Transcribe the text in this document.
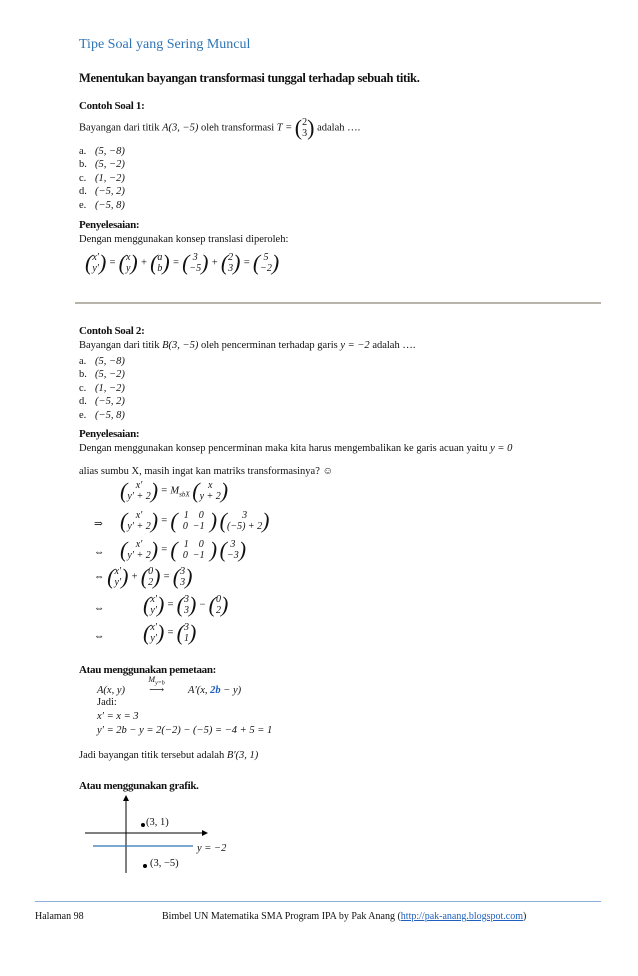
Tipe Soal yang Sering Muncul
Menentukan bayangan transformasi tunggal terhadap sebuah titik.
Contoh Soal 1:
Bayangan dari titik A(3, −5) oleh transformasi T = ( 2
3 ) adalah ….
a. (5, −8)
b. (5, −2)
c. (1, −2)
d. (−5, 2)
e. (−5, 8)
Penyelesaian:
Dengan menggunakan konsep translasi diperoleh:
( x′
y′ ) = ( x
y ) + ( a
b ) = ( 3
−5 ) + ( 2
3 ) = ( 5
−2 )
Contoh Soal 2:
Bayangan dari titik B(3, −5) oleh pencerminan terhadap garis y = −2 adalah ….
a. (5, −8)
b. (5, −2)
c. (1, −2)
d. (−5, 2)
e. (−5, 8)
Penyelesaian:
Dengan menggunakan konsep pencerminan maka kita harus mengembalikan ke garis acuan yaitu y = 0
alias sumbu X, masih ingat kan matriks transformasinya? ☺
( x′
y′ + 2 ) = $M_{sbX}$ ( x
y + 2 )
⇒ ( x′
y′ + 2 ) = ( 1 0
0 −1 ) (	3
(−5) + 2 )
⇔ ( x′
y′ + 2 ) = ( 1 0
0 −1 ) ( 3
−3 )
⇔ ( x′
y′ ) + ( 0
2 ) = ( 3
3 )
⇔ ( x′
y′ ) = ( 3
3 ) − ( 0
2 )
⇔ ( x′
y′ ) = ( 3
1 )
Atau menggunakan pemetaan:
A(x, y)
$M_{y=b}$
⟶ A′(x, 2b − y)
Jadi:
x′ = x = 3
y′ = 2b − y = 2(−2) − (−5) = −4 + 5 = 1
Jadi bayangan titik tersebut adalah B′(3, 1)
Atau menggunakan grafik.
(3, 1)
(3, −5)
y = −2
Halaman 98	Bimbel UN Matematika SMA Program IPA by Pak Anang (http://pak-anang.blogspot.com)
